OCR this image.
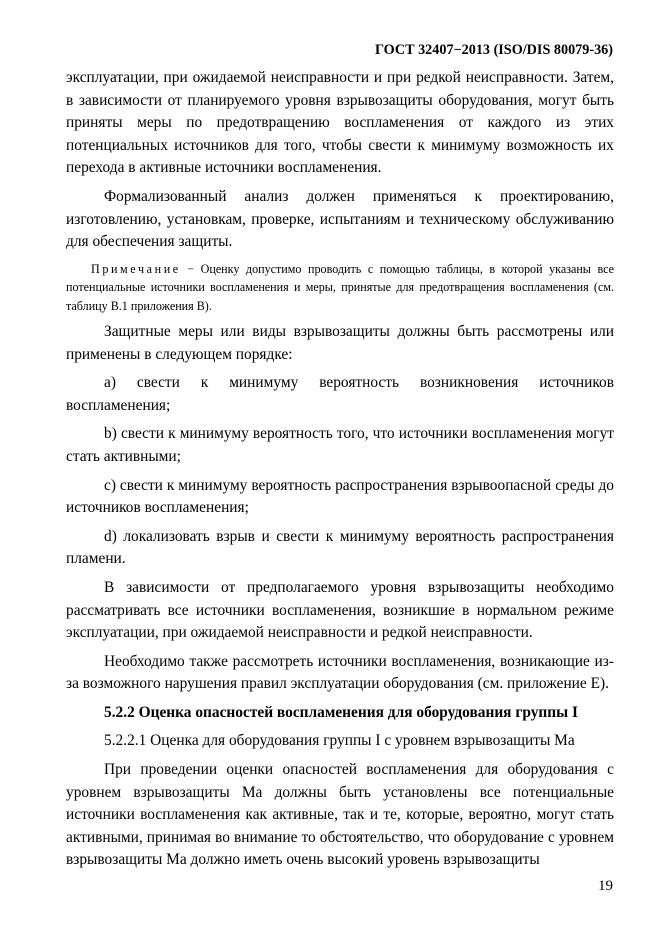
ГОСТ 32407−2013 (ISO/DIS 80079-36)

эксплуатации, при ожидаемой неисправности и при редкой неисправности. Затем, в зависимости от планируемого уровня взрывозащиты оборудования, могут быть приняты меры по предотвращению воспламенения от каждого из этих потенциальных источников для того, чтобы свести к минимуму возможность их перехода в активные источники воспламенения.

Формализованный анализ должен применяться к проектированию, изготовлению, установкам, проверке, испытаниям и техническому обслуживанию для обеспечения защиты.

Примечание − Оценку допустимо проводить с помощью таблицы, в которой указаны все потенциальные источники воспламенения и меры, принятые для предотвращения воспламенения (см. таблицу В.1 приложения В).

Защитные меры или виды взрывозащиты должны быть рассмотрены или применены в следующем порядке:

a) свести к минимуму вероятность возникновения источников воспламенения;

b) свести к минимуму вероятность того, что источники воспламенения могут стать активными;

c) свести к минимуму вероятность распространения взрывоопасной среды до источников воспламенения;

d) локализовать взрыв и свести к минимуму вероятность распространения пламени.

В зависимости от предполагаемого уровня взрывозащиты необходимо рассматривать все источники воспламенения, возникшие в нормальном режиме эксплуатации, при ожидаемой неисправности и редкой неисправности.

Необходимо также рассмотреть источники воспламенения, возникающие из-за возможного нарушения правил эксплуатации оборудования (см. приложение Е).

5.2.2 Оценка опасностей воспламенения для оборудования группы I

5.2.2.1 Оценка для оборудования группы I с уровнем взрывозащиты Ма

При проведении оценки опасностей воспламенения для оборудования с уровнем взрывозащиты Ма должны быть установлены все потенциальные источники воспламенения как активные, так и те, которые, вероятно, могут стать активными, принимая во внимание то обстоятельство, что оборудование с уровнем взрывозащиты Ма должно иметь очень высокий уровень взрывозащиты

19
